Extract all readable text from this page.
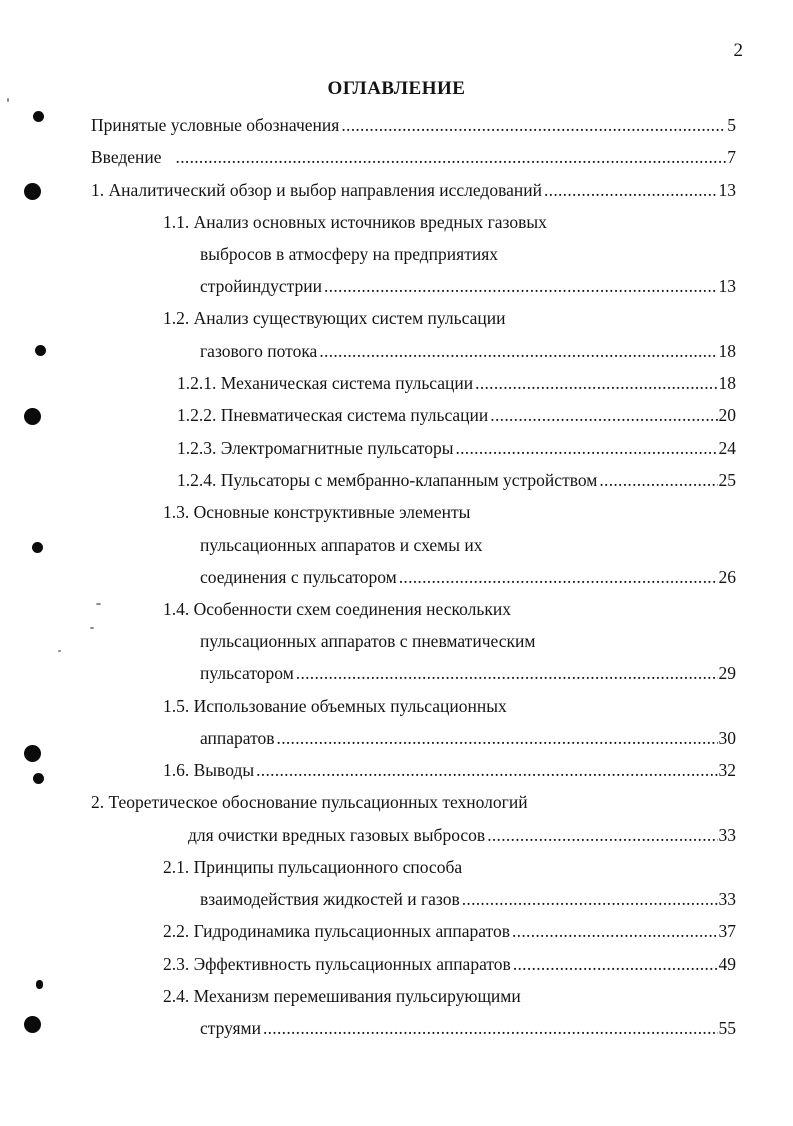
2
ОГЛАВЛЕНИЕ
Принятые условные обозначения .....	5
Введение .....	7
1. Аналитический обзор и выбор направления исследований .....	13
1.1. Анализ основных источников вредных газовых
выбросов в атмосферу на предприятиях
стройиндустрии .....	13
1.2. Анализ существующих систем пульсации
газового потока .....	18
1.2.1. Механическая система пульсации .....	18
1.2.2. Пневматическая система пульсации .....	20
1.2.3. Электромагнитные пульсаторы .....	24
1.2.4. Пульсаторы с мембранно-клапанным устройством .....	25
1.3. Основные конструктивные элементы
пульсационных аппаратов и схемы их
соединения с пульсатором .....	26
1.4. Особенности схем соединения нескольких
пульсационных аппаратов с пневматическим
пульсатором .....	29
1.5. Использование объемных пульсационных
аппаратов .....	30
1.6. Выводы .....	32
2. Теоретическое обоснование пульсационных технологий
для очистки вредных газовых выбросов .....	33
2.1. Принципы пульсационного способа
взаимодействия жидкостей и газов .....	33
2.2. Гидродинамика пульсационных аппаратов .....	37
2.3. Эффективность пульсационных аппаратов .....	49
2.4. Механизм перемешивания пульсирующими
струями .....	55
